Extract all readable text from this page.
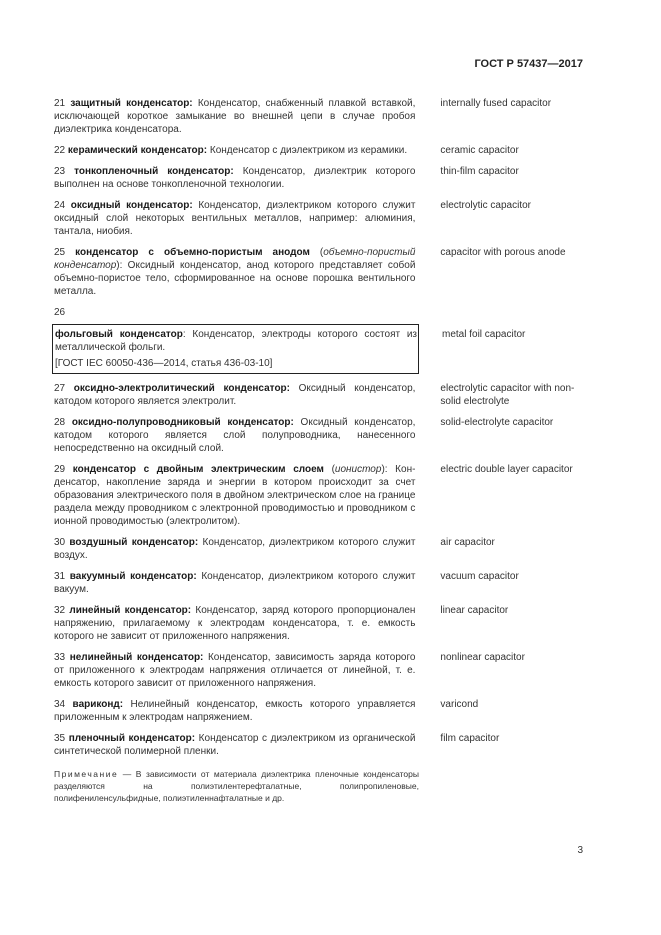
ГОСТ Р 57437—2017
21 защитный конденсатор: Конденсатор, снабженный плавкой вставкой, исключающей короткое замыкание во внешней цепи в случае пробоя диэлектрика конденсатора.
internally fused capacitor
22 керамический конденсатор: Конденсатор с диэлектриком из керамики.	ceramic capacitor
23 тонкопленочный конденсатор: Конденсатор, диэлектрик которого выполнен на основе тонкопленочной технологии.
thin-film capacitor
24 оксидный конденсатор: Конденсатор, диэлектриком которого служит оксидный слой некоторых вентильных металлов, например: алюминия, тантала, ниобия.
electrolytic capacitor
25 конденсатор с объемно-пористым анодом (объемно-пористый конденсатор): Оксидный конденсатор, анод которого представляет собой объемно-пористое тело, сформированное на основе порошка вентильного металла.
capacitor with porous anode
26
фольговый конденсатор: Конденсатор, электроды которого состоят из металлической фольги.
[ГОСТ IEC 60050-436—2014, статья 436-03-10]
metal foil capacitor
27 оксидно-электролитический конденсатор: Оксидный конденсатор, катодом которого является электролит.
electrolytic capacitor with non-solid electrolyte
28 оксидно-полупроводниковый конденсатор: Оксидный конденсатор, катодом которого является слой полупроводника, нанесенного непосредственно на оксидный слой.
solid-electrolyte capacitor
29 конденсатор с двойным электрическим слоем (ионистор): Конденсатор, накопление заряда и энергии в котором происходит за счет образования электрического поля в двойном электрическом слое на границе раздела между проводником с электронной проводимостью и проводником с ионной проводимостью (электролитом).
electric double layer capacitor
30 воздушный конденсатор: Конденсатор, диэлектриком которого служит воздух.
air capacitor
31 вакуумный конденсатор: Конденсатор, диэлектриком которого служит вакуум.
vacuum capacitor
32 линейный конденсатор: Конденсатор, заряд которого пропорционален напряжению, прилагаемому к электродам конденсатора, т. е. емкость которого не зависит от приложенного напряжения.
linear capacitor
33 нелинейный конденсатор: Конденсатор, зависимость заряда которого от приложенного к электродам напряжения отличается от линейной, т. е. емкость которого зависит от приложенного напряжения.
nonlinear capacitor
34 вариконд: Нелинейный конденсатор, емкость которого управляется приложенным к электродам напряжением.
varicond
35 пленочный конденсатор: Конденсатор с диэлектриком из органической синтетической полимерной пленки.
film capacitor
Примечание — В зависимости от материала диэлектрика пленочные конденсаторы разделяются на полиэтилентерефталатные, полипропиленовые, полифениленсульфидные, полиэтиленнафталатные и др.
3
